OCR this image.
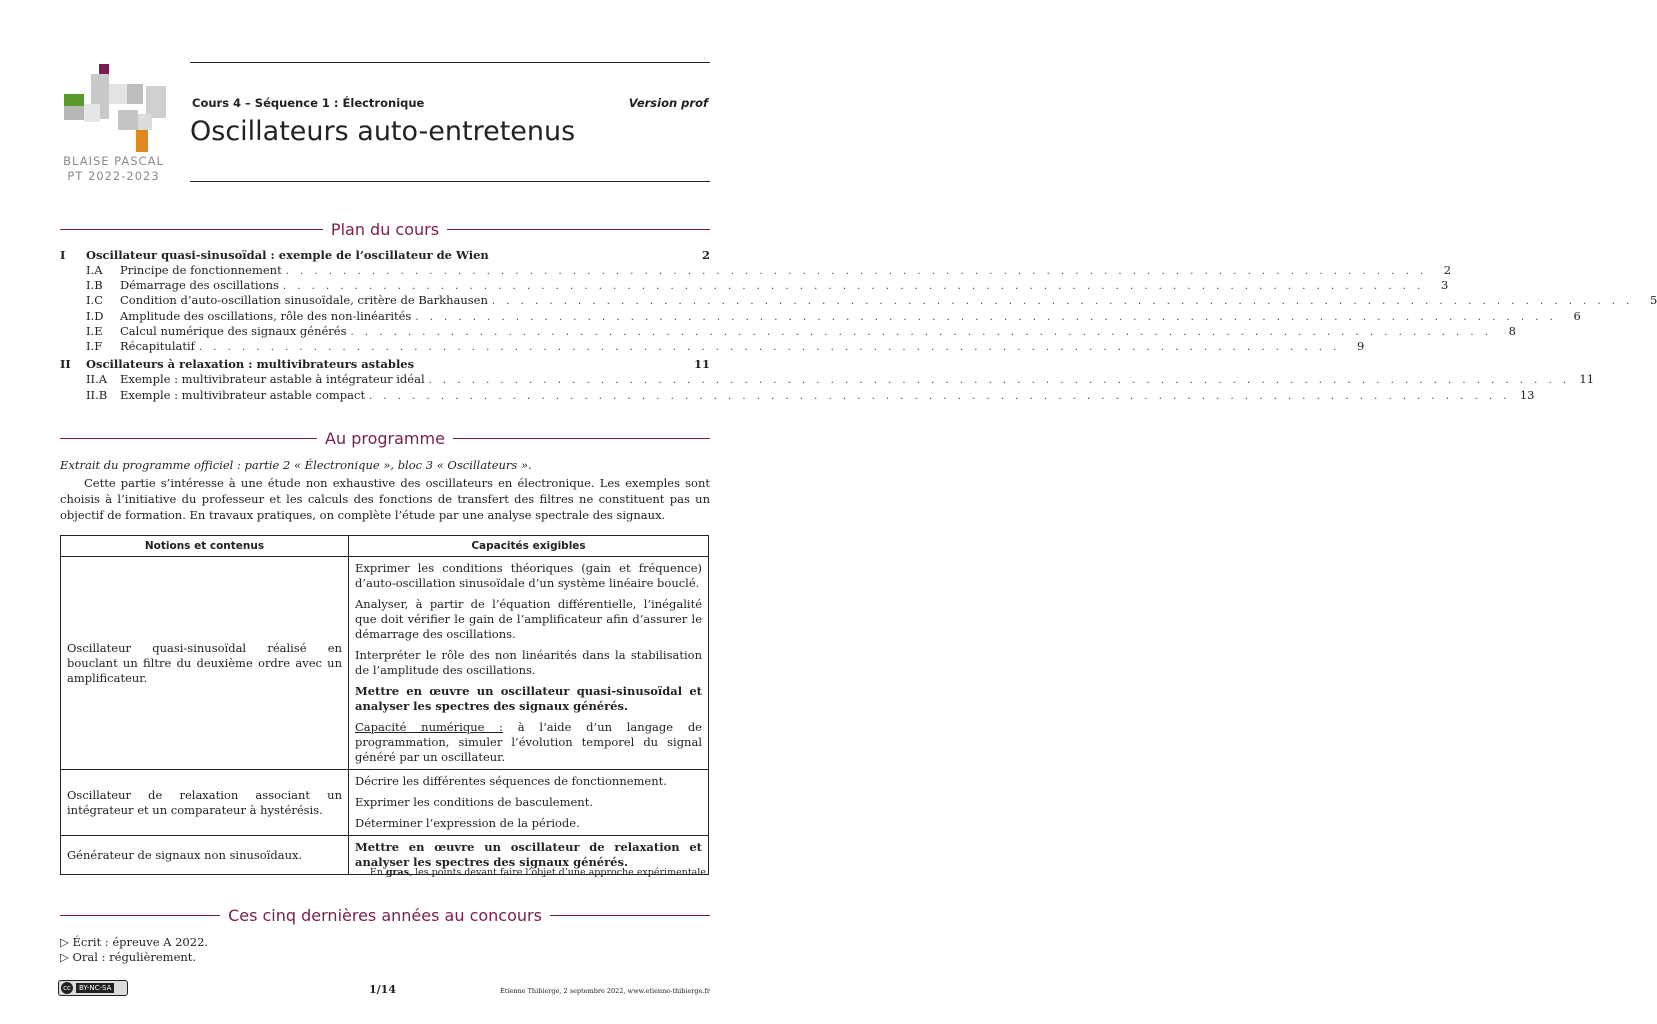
BLAISE PASCAL
PT 2022-2023
Cours 4 – Séquence 1 : Électronique	Version prof
Oscillateurs auto-entretenus
Plan du cours
I	Oscillateur quasi-sinusoïdal : exemple de l’oscillateur de Wien	2
I.A	Principe de fonctionnement . . . . . . . . . . . . . . . . . . . . . . . . . . . . . . . . . . . . . . . . . . . . . . . . . . . . . . . . . . . . . . . . . . . . . . . . . . . . . . . .	2
I.B	Démarrage des oscillations . . . . . . . . . . . . . . . . . . . . . . . . . . . . . . . . . . . . . . . . . . . . . . . . . . . . . . . . . . . . . . . . . . . . . . . . . . . . . . . .	3
I.C	Condition d’auto-oscillation sinusoïdale, critère de Barkhausen . . . . . . . . . . . . . . . . . . . . . . . . . . . . . . . . . . . . . . . . . . . . . . . . . . . . . . . . . . . . . . . . . . . . . . . . . . . . . . . .	5
I.D	Amplitude des oscillations, rôle des non-linéarités . . . . . . . . . . . . . . . . . . . . . . . . . . . . . . . . . . . . . . . . . . . . . . . . . . . . . . . . . . . . . . . . . . . . . . . . . . . . . . . .	6
I.E	Calcul numérique des signaux générés . . . . . . . . . . . . . . . . . . . . . . . . . . . . . . . . . . . . . . . . . . . . . . . . . . . . . . . . . . . . . . . . . . . . . . . . . . . . . . . .	8
I.F	Récapitulatif . . . . . . . . . . . . . . . . . . . . . . . . . . . . . . . . . . . . . . . . . . . . . . . . . . . . . . . . . . . . . . . . . . . . . . . . . . . . . . . .	9
II	Oscillateurs à relaxation : multivibrateurs astables	11
II.A	Exemple : multivibrateur astable à intégrateur idéal . . . . . . . . . . . . . . . . . . . . . . . . . . . . . . . . . . . . . . . . . . . . . . . . . . . . . . . . . . . . . . . . . . . . . . . . . . . . . . . . 11
II.B	Exemple : multivibrateur astable compact . . . . . . . . . . . . . . . . . . . . . . . . . . . . . . . . . . . . . . . . . . . . . . . . . . . . . . . . . . . . . . . . . . . . . . . . . . . . . . . . 13
Au programme
Extrait du programme officiel : partie 2 « Électronique », bloc 3 « Oscillateurs ».
Cette partie s’intéresse à une étude non exhaustive des oscillateurs en électronique. Les exemples sont choisis à l’initiative du professeur et les calculs des fonctions de transfert des filtres ne constituent pas un objectif de formation. En travaux pratiques, on complète l’étude par une analyse spectrale des signaux.
Notions et contenus	Capacités exigibles
Oscillateur quasi-sinusoïdal réalisé en bouclant un filtre du deuxième ordre avec un amplificateur.	Exprimer les conditions théoriques (gain et fréquence) d’auto-oscillation sinusoïdale d’un système linéaire bouclé.
Analyser, à partir de l’équation différentielle, l’inégalité que doit vérifier le gain de l’amplificateur afin d’assurer le démarrage des oscillations.
Interpréter le rôle des non linéarités dans la stabilisation de l’amplitude des oscillations.
Mettre en œuvre un oscillateur quasi-sinusoïdal et analyser les spectres des signaux générés.
Capacité numérique : à l’aide d’un langage de programmation, simuler l’évolution temporel du signal généré par un oscillateur.

Oscillateur de relaxation associant un intégrateur et un comparateur à hystérésis.	Décrire les différentes séquences de fonctionnement.
Exprimer les conditions de basculement.
Déterminer l’expression de la période.

Générateur de signaux non sinusoïdaux.	Mettre en œuvre un oscillateur de relaxation et analyser les spectres des signaux générés.
En gras, les points devant faire l’objet d’une approche expérimentale.
Ces cinq dernières années au concours
▷ Écrit : épreuve A 2022.
▷ Oral : régulièrement.
cc	BY-NC-SA	1/14	Étienne Thibierge, 2 septembre 2022, www.etienne-thibierge.fr
